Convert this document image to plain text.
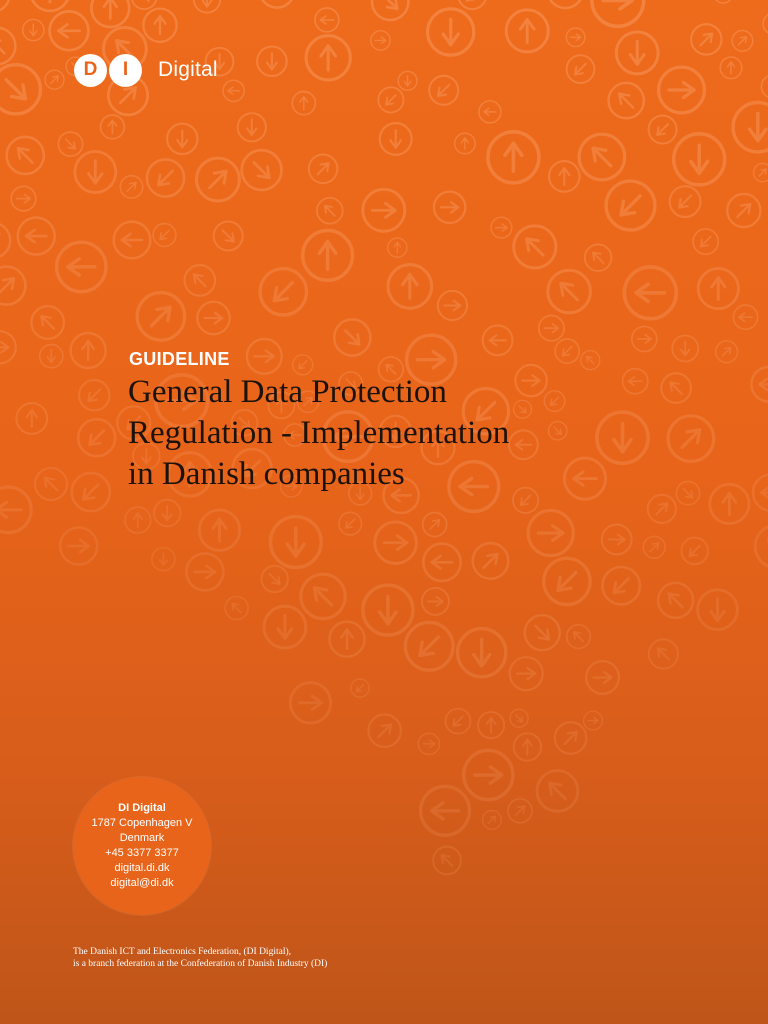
D	I	Digital
GUIDELINE
General Data Protection
Regulation - Implementation
in Danish companies
DI Digital
1787 Copenhagen V
Denmark
+45 3377 3377
digital.di.dk
digital@di.dk
The Danish ICT and Electronics Federation, (DI Digital),
is a branch federation at the Confederation of Danish Industry (DI)
